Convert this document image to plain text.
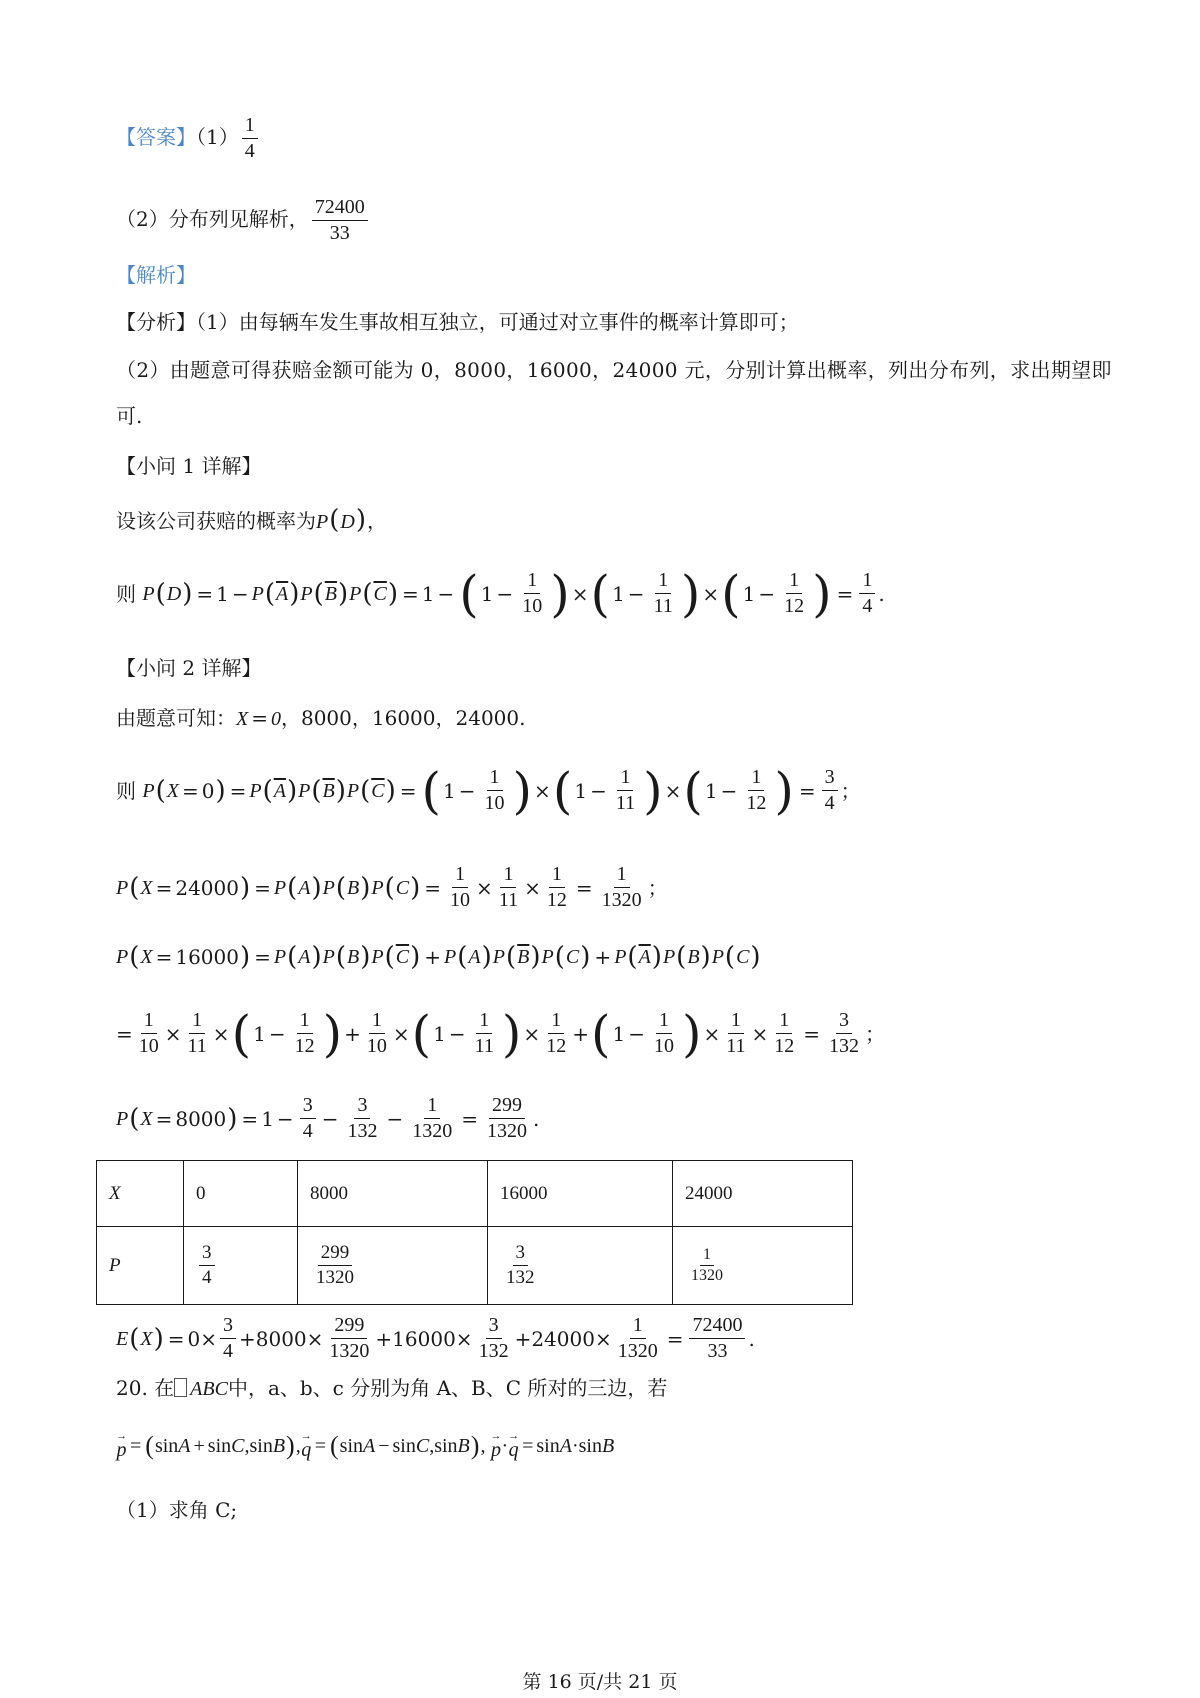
【答案】$(1) \frac{1}{4}$
（2）分布列见解析， $\frac{72400}{33}$
【解析】
【分析】（1）由每辆车发生事故相互独立，可通过对立事件的概率计算即可；
（2）由题意可得获赔金额可能为 0，8000，16000，24000 元，分别计算出概率，列出分布列，求出期望即
可.
【小问 1 详解】
设该公司获赔的概率为P(D)，
则 P ( D ) = 1 − P ( $\overline{A}$ ) P ( $\overline{B}$ ) P ( $\overline{C}$ ) = 1 − ( $1 - \frac{1}{10}$ ) × ( $1 - \frac{1}{11}$ ) × ( $1 - \frac{1}{12}$ ) = $\frac{1}{4}$ .
【小问 2 详解】
由题意可知：X = 0，8000，16000，24000.
则 P ( X = 0 ) = P ( $\overline{A}$ ) P ( $\overline{B}$ ) P ( $\overline{C}$ ) = ( $1 - \frac{1}{10}$ ) × ( $1 - \frac{1}{11}$ ) × ( $1 - \frac{1}{12}$ ) = $\frac{3}{4}$ ；
P ( X = 24000 ) = P ( A ) P ( B ) P ( C ) = $\frac{1}{10}$ ×
1
11
× $\frac{1}{12} = \frac{1}{1320}$ ；
P ( X = 16000 ) = P ( A ) P ( B ) P ( $\overline{C}$ ) + P ( A ) P ( $\overline{B}$ ) P ( C ) + P ( $\overline{A}$ ) P ( B ) P ( C )
=
1
10
×
1
11
× ( $1 - \frac{1}{12}$ ) +
1
10
× ( $1 - \frac{1}{11}$ ) ×
1
12
+ ( $1 - \frac{1}{10}$ ) ×
1
11
× $\frac{1}{12} = \frac{3}{132}$ ；
P ( X = 8000 ) = $1 - \frac{3}{4} - \frac{3}{132} - \frac{1}{1320} = \frac{299}{1320}$ .
X	0	8000	16000	24000
P	$\frac{3}{4}$	$\frac{299}{1320}$	$\frac{3}{132}$	$\frac{1}{1320}$
E ( X ) = $0\times \frac{3}{4} +8000\times$
299
1320
+16000×
3
132
$+24000\times \frac{1}{1320} = \frac{72400}{33}$ .
20. 在 ABC中，a、b、c 分别为角 A、B、C 所对的三边，若
→
p = ( sin A + sin C ,sin B ) , →
q = ( sin A − sin C ,sin B ) , →
p · →
q = sin A ·sin B
（1）求角 C;
第 16 页/共 21 页
